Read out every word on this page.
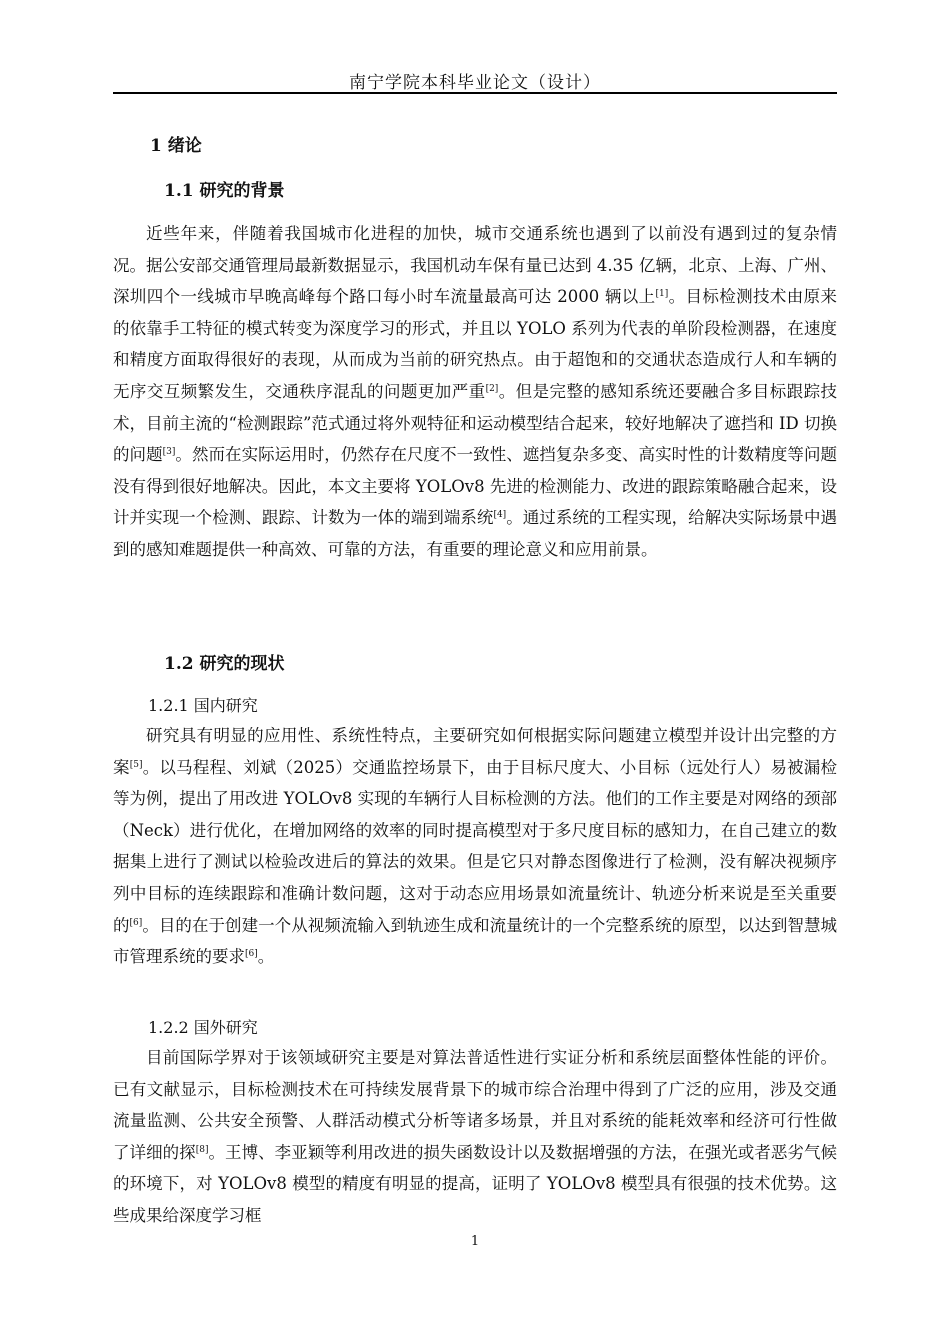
南宁学院本科毕业论文（设计）
1 绪论
1.1 研究的背景
近些年来，伴随着我国城市化进程的加快，城市交通系统也遇到了以前没有遇到过的复杂情况。据公安部交通管理局最新数据显示，我国机动车保有量已达到 4.35 亿辆，北京、上海、广州、深圳四个一线城市早晚高峰每个路口每小时车流量最高可达 2000 辆以上[1]。目标检测技术由原来的依靠手工特征的模式转变为深度学习的形式，并且以 YOLO 系列为代表的单阶段检测器，在速度和精度方面取得很好的表现，从而成为当前的研究热点。由于超饱和的交通状态造成行人和车辆的无序交互频繁发生，交通秩序混乱的问题更加严重[2]。但是完整的感知系统还要融合多目标跟踪技术，目前主流的“检测跟踪”范式通过将外观特征和运动模型结合起来，较好地解决了遮挡和 ID 切换的问题[3]。然而在实际运用时，仍然存在尺度不一致性、遮挡复杂多变、高实时性的计数精度等问题没有得到很好地解决。因此，本文主要将 YOLOv8 先进的检测能力、改进的跟踪策略融合起来，设计并实现一个检测、跟踪、计数为一体的端到端系统[4]。通过系统的工程实现，给解决实际场景中遇到的感知难题提供一种高效、可靠的方法，有重要的理论意义和应用前景。
1.2 研究的现状
1.2.1 国内研究
研究具有明显的应用性、系统性特点，主要研究如何根据实际问题建立模型并设计出完整的方案[5]。以马程程、刘斌（2025）交通监控场景下，由于目标尺度大、小目标（远处行人）易被漏检等为例，提出了用改进 YOLOv8 实现的车辆行人目标检测的方法。他们的工作主要是对网络的颈部（Neck）进行优化，在增加网络的效率的同时提高模型对于多尺度目标的感知力，在自己建立的数据集上进行了测试以检验改进后的算法的效果。但是它只对静态图像进行了检测，没有解决视频序列中目标的连续跟踪和准确计数问题，这对于动态应用场景如流量统计、轨迹分析来说是至关重要的[6]。目的在于创建一个从视频流输入到轨迹生成和流量统计的一个完整系统的原型，以达到智慧城市管理系统的要求[6]。
1.2.2 国外研究
目前国际学界对于该领域研究主要是对算法普适性进行实证分析和系统层面整体性能的评价。已有文献显示，目标检测技术在可持续发展背景下的城市综合治理中得到了广泛的应用，涉及交通流量监测、公共安全预警、人群活动模式分析等诸多场景，并且对系统的能耗效率和经济可行性做了详细的探[8]。王博、李亚颖等利用改进的损失函数设计以及数据增强的方法，在强光或者恶劣气候的环境下，对 YOLOv8 模型的精度有明显的提高，证明了 YOLOv8 模型具有很强的技术优势。这些成果给深度学习框
1
